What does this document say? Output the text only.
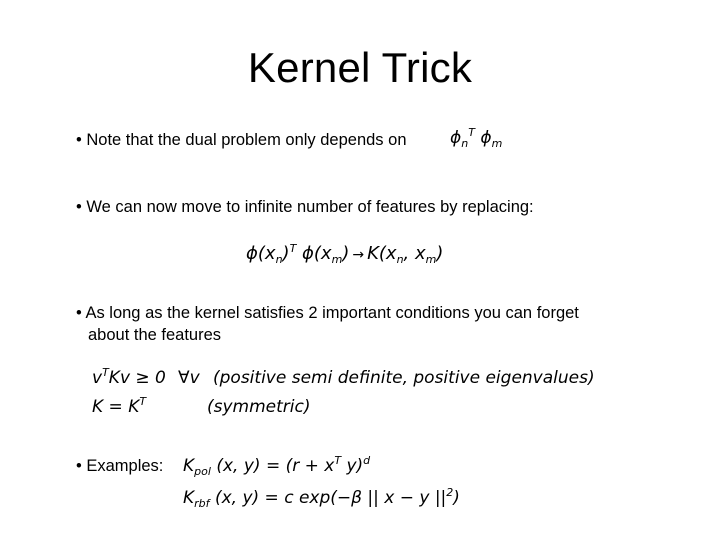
Kernel Trick
• Note that the dual problem only depends on	$\phi_n^T$ $\phi_m$
• We can now move to infinite number of features by replacing:
$\phi(x_n)^T$ $\phi(x_m) \to K(x_n$, $x_m$)
• As long as the kernel satisfies 2 important conditions you can forget
about the features
$v^TKv \ge 0$ ∀v (positive semi definite, positive eigenvalues)
$K = K^T$	(symmetric)
• Examples: $K_{pol}$ (x, $y) = (r + x^T$ y)$^d$
$K_{rbf}$ (x, y) = c exp(−β || x − y $||^2$)
